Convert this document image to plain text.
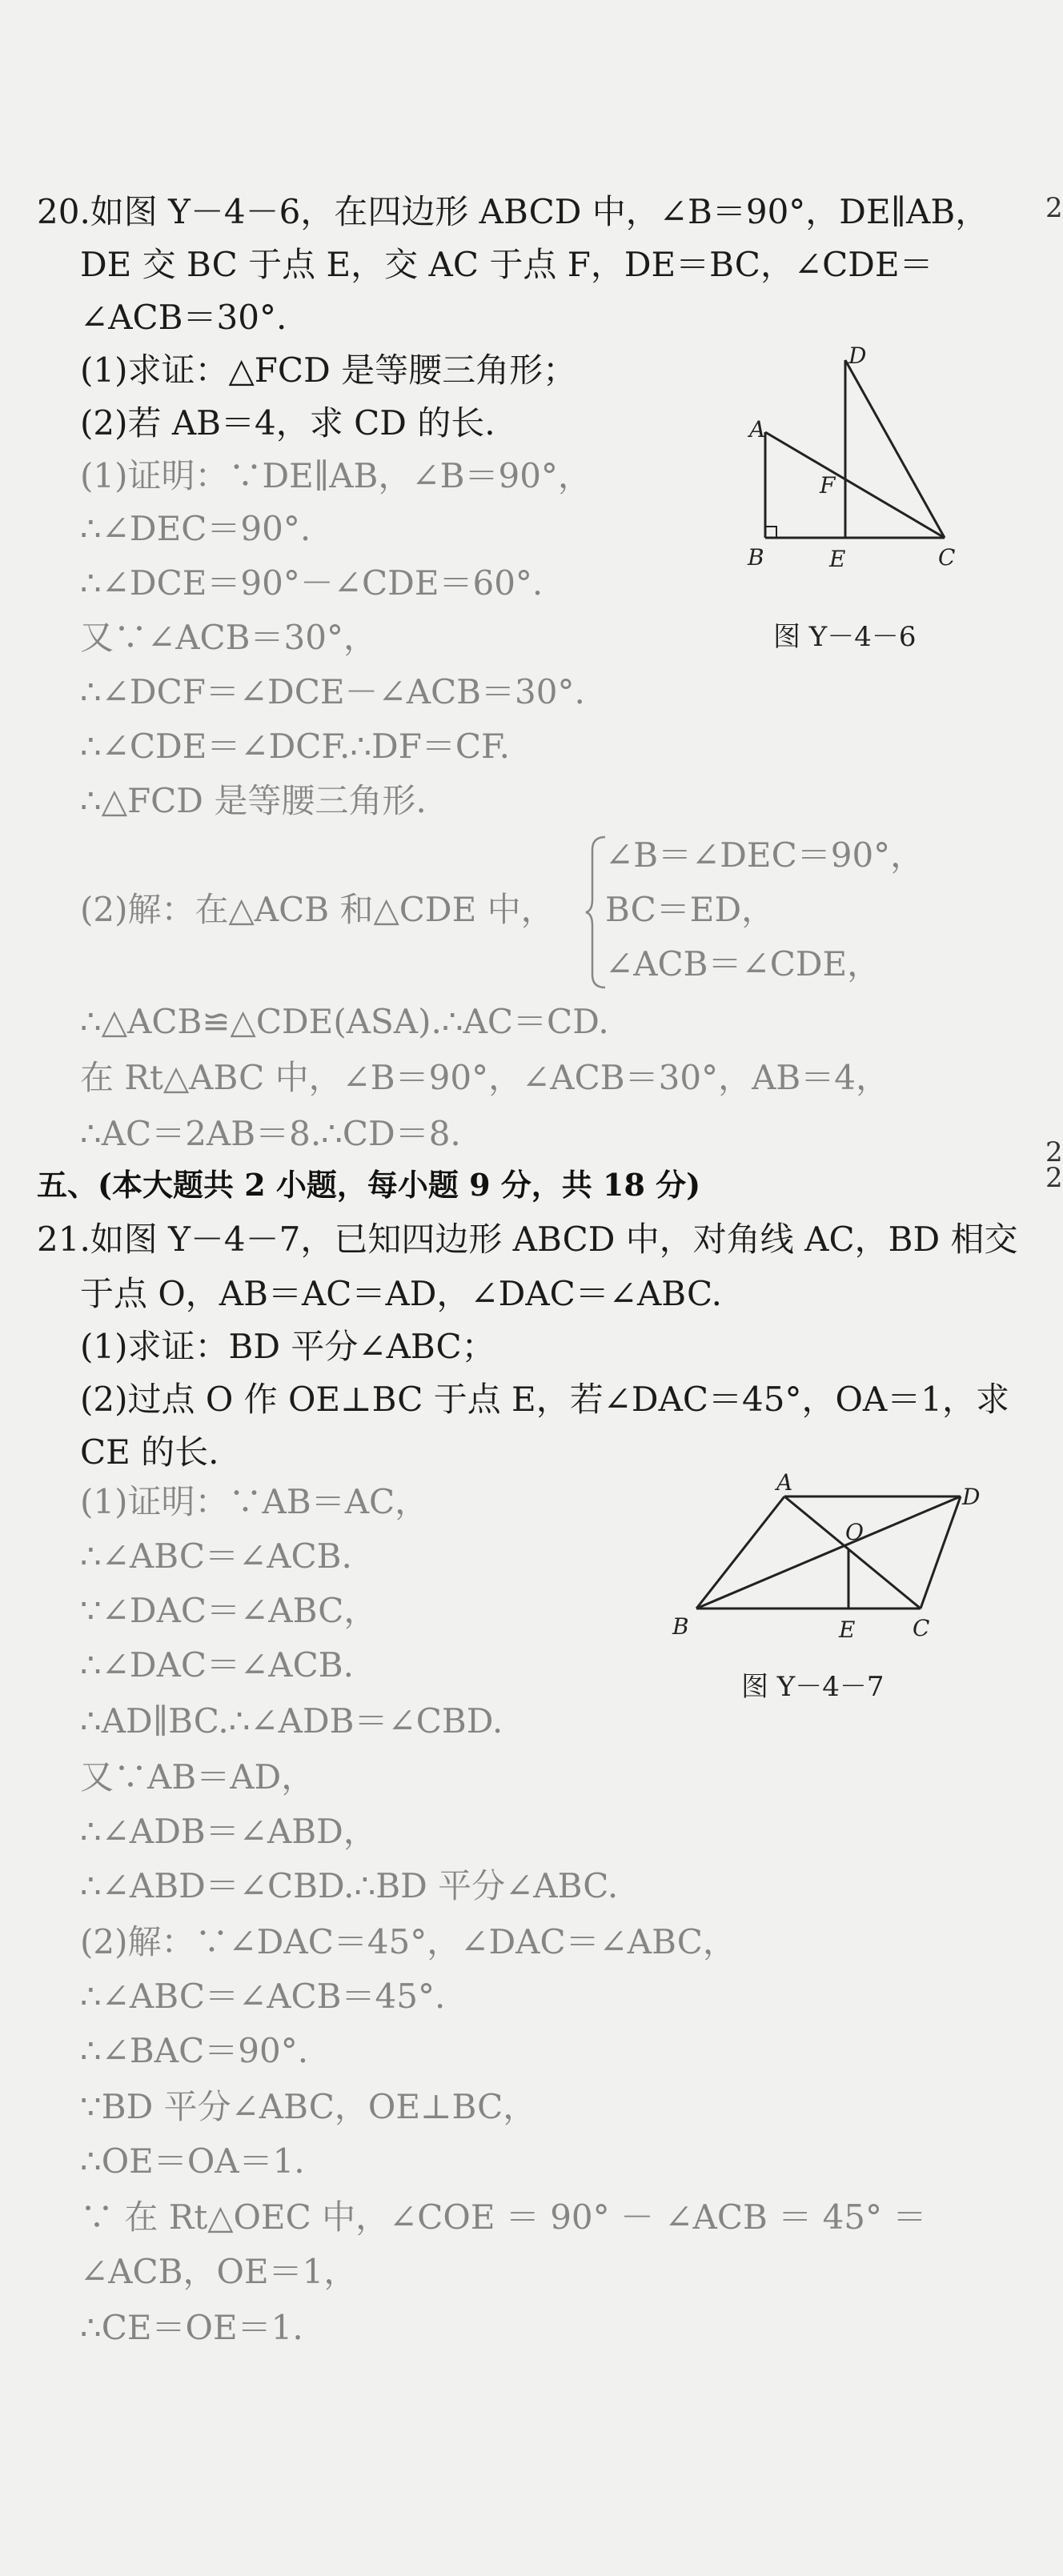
20.如图 Y－4－6，在四边形 ABCD 中，∠B＝90°，DE∥AB，
DE 交 BC 于点 E，交 AC 于点 F，DE＝BC，∠CDE＝
∠ACB＝30°.
(1)求证：△FCD 是等腰三角形；
(2)若 AB＝4，求 CD 的长.
(1)证明：∵DE∥AB，∠B＝90°，
∴∠DEC＝90°.
∴∠DCE＝90°－∠CDE＝60°.
又∵∠ACB＝30°，
∴∠DCF＝∠DCE－∠ACB＝30°.
∴∠CDE＝∠DCF.∴DF＝CF.
∴△FCD 是等腰三角形.
(2)解：在△ACB 和△CDE 中，
∠B＝∠DEC＝90°，
BC＝ED，
∠ACB＝∠CDE，
∴△ACB≌△CDE(ASA).∴AC＝CD.
在 Rt△ABC 中，∠B＝90°，∠ACB＝30°，AB＝4，
∴AC＝2AB＝8.∴CD＝8.
A
B	C
D
E
F
图 Y－4－6
五、(本大题共 2 小题，每小题 9 分，共 18 分)
21.如图 Y－4－7，已知四边形 ABCD 中，对角线 AC，BD 相交
于点 O，AB＝AC＝AD，∠DAC＝∠ABC.
(1)求证：BD 平分∠ABC；
(2)过点 O 作 OE⊥BC 于点 E，若∠DAC＝45°，OA＝1，求
CE 的长.
(1)证明：∵AB＝AC，
∴∠ABC＝∠ACB.
∵∠DAC＝∠ABC，
∴∠DAC＝∠ACB.
∴AD∥BC.∴∠ADB＝∠CBD.
又∵AB＝AD，
∴∠ADB＝∠ABD，
∴∠ABD＝∠CBD.∴BD 平分∠ABC.
(2)解：∵∠DAC＝45°，∠DAC＝∠ABC，
∴∠ABC＝∠ACB＝45°.
∴∠BAC＝90°.
∵BD 平分∠ABC，OE⊥BC，
∴OE＝OA＝1.
∵ 在 Rt△OEC 中，∠COE ＝ 90° － ∠ACB ＝ 45° ＝
∠ACB，OE＝1，
∴CE＝OE＝1.
A
B	C
D
E
O
图 Y－4－7
2
2
2
